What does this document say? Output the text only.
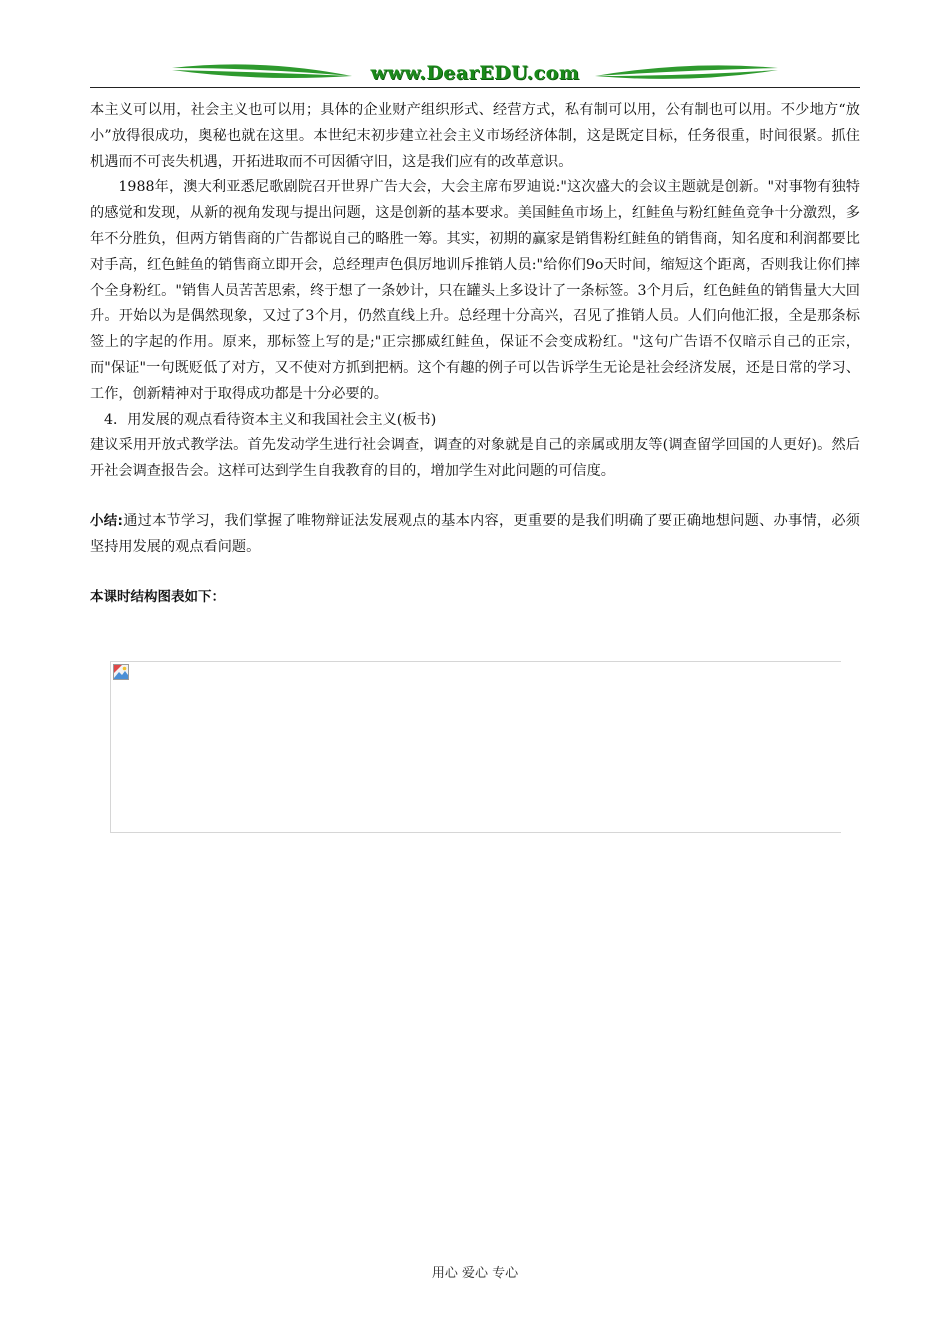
www.DearEDU.com

本主义可以用，社会主义也可以用；具体的企业财产组织形式、经营方式，私有制可以用，公有制也可以用。不少地方“放小”放得很成功，奥秘也就在这里。本世纪末初步建立社会主义市场经济体制，这是既定目标，任务很重，时间很紧。抓住机遇而不可丧失机遇，开拓进取而不可因循守旧，这是我们应有的改革意识。

1988年，澳大利亚悉尼歌剧院召开世界广告大会，大会主席布罗迪说:"这次盛大的会议主题就是创新。"对事物有独特的感觉和发现，从新的视角发现与提出问题，这是创新的基本要求。美国鲑鱼市场上，红鲑鱼与粉红鲑鱼竞争十分激烈，多年不分胜负，但两方销售商的广告都说自己的略胜一筹。其实，初期的赢家是销售粉红鲑鱼的销售商，知名度和利润都要比对手高，红色鲑鱼的销售商立即开会，总经理声色俱厉地训斥推销人员:"给你们9o天时间，缩短这个距离，否则我让你们摔个全身粉红。"销售人员苦苦思索，终于想了一条妙计，只在罐头上多设计了一条标签。3个月后，红色鲑鱼的销售量大大回升。开始以为是偶然现象，又过了3个月，仍然直线上升。总经理十分高兴，召见了推销人员。人们向他汇报，全是那条标签上的字起的作用。原来，那标签上写的是;"正宗挪威红鲑鱼，保证不会变成粉红。"这句广告语不仅暗示自己的正宗，而"保证"一句既贬低了对方，又不使对方抓到把柄。这个有趣的例子可以告诉学生无论是社会经济发展，还是日常的学习、工作，创新精神对于取得成功都是十分必要的。

4．用发展的观点看待资本主义和我国社会主义(板书)

建议采用开放式教学法。首先发动学生进行社会调查，调查的对象就是自己的亲属或朋友等(调查留学回国的人更好)。然后开社会调查报告会。这样可达到学生自我教育的目的，增加学生对此问题的可信度。

小结:通过本节学习，我们掌握了唯物辩证法发展观点的基本内容，更重要的是我们明确了要正确地想问题、办事情，必须坚持用发展的观点看问题。

本课时结构图表如下：

用心 爱心 专心
